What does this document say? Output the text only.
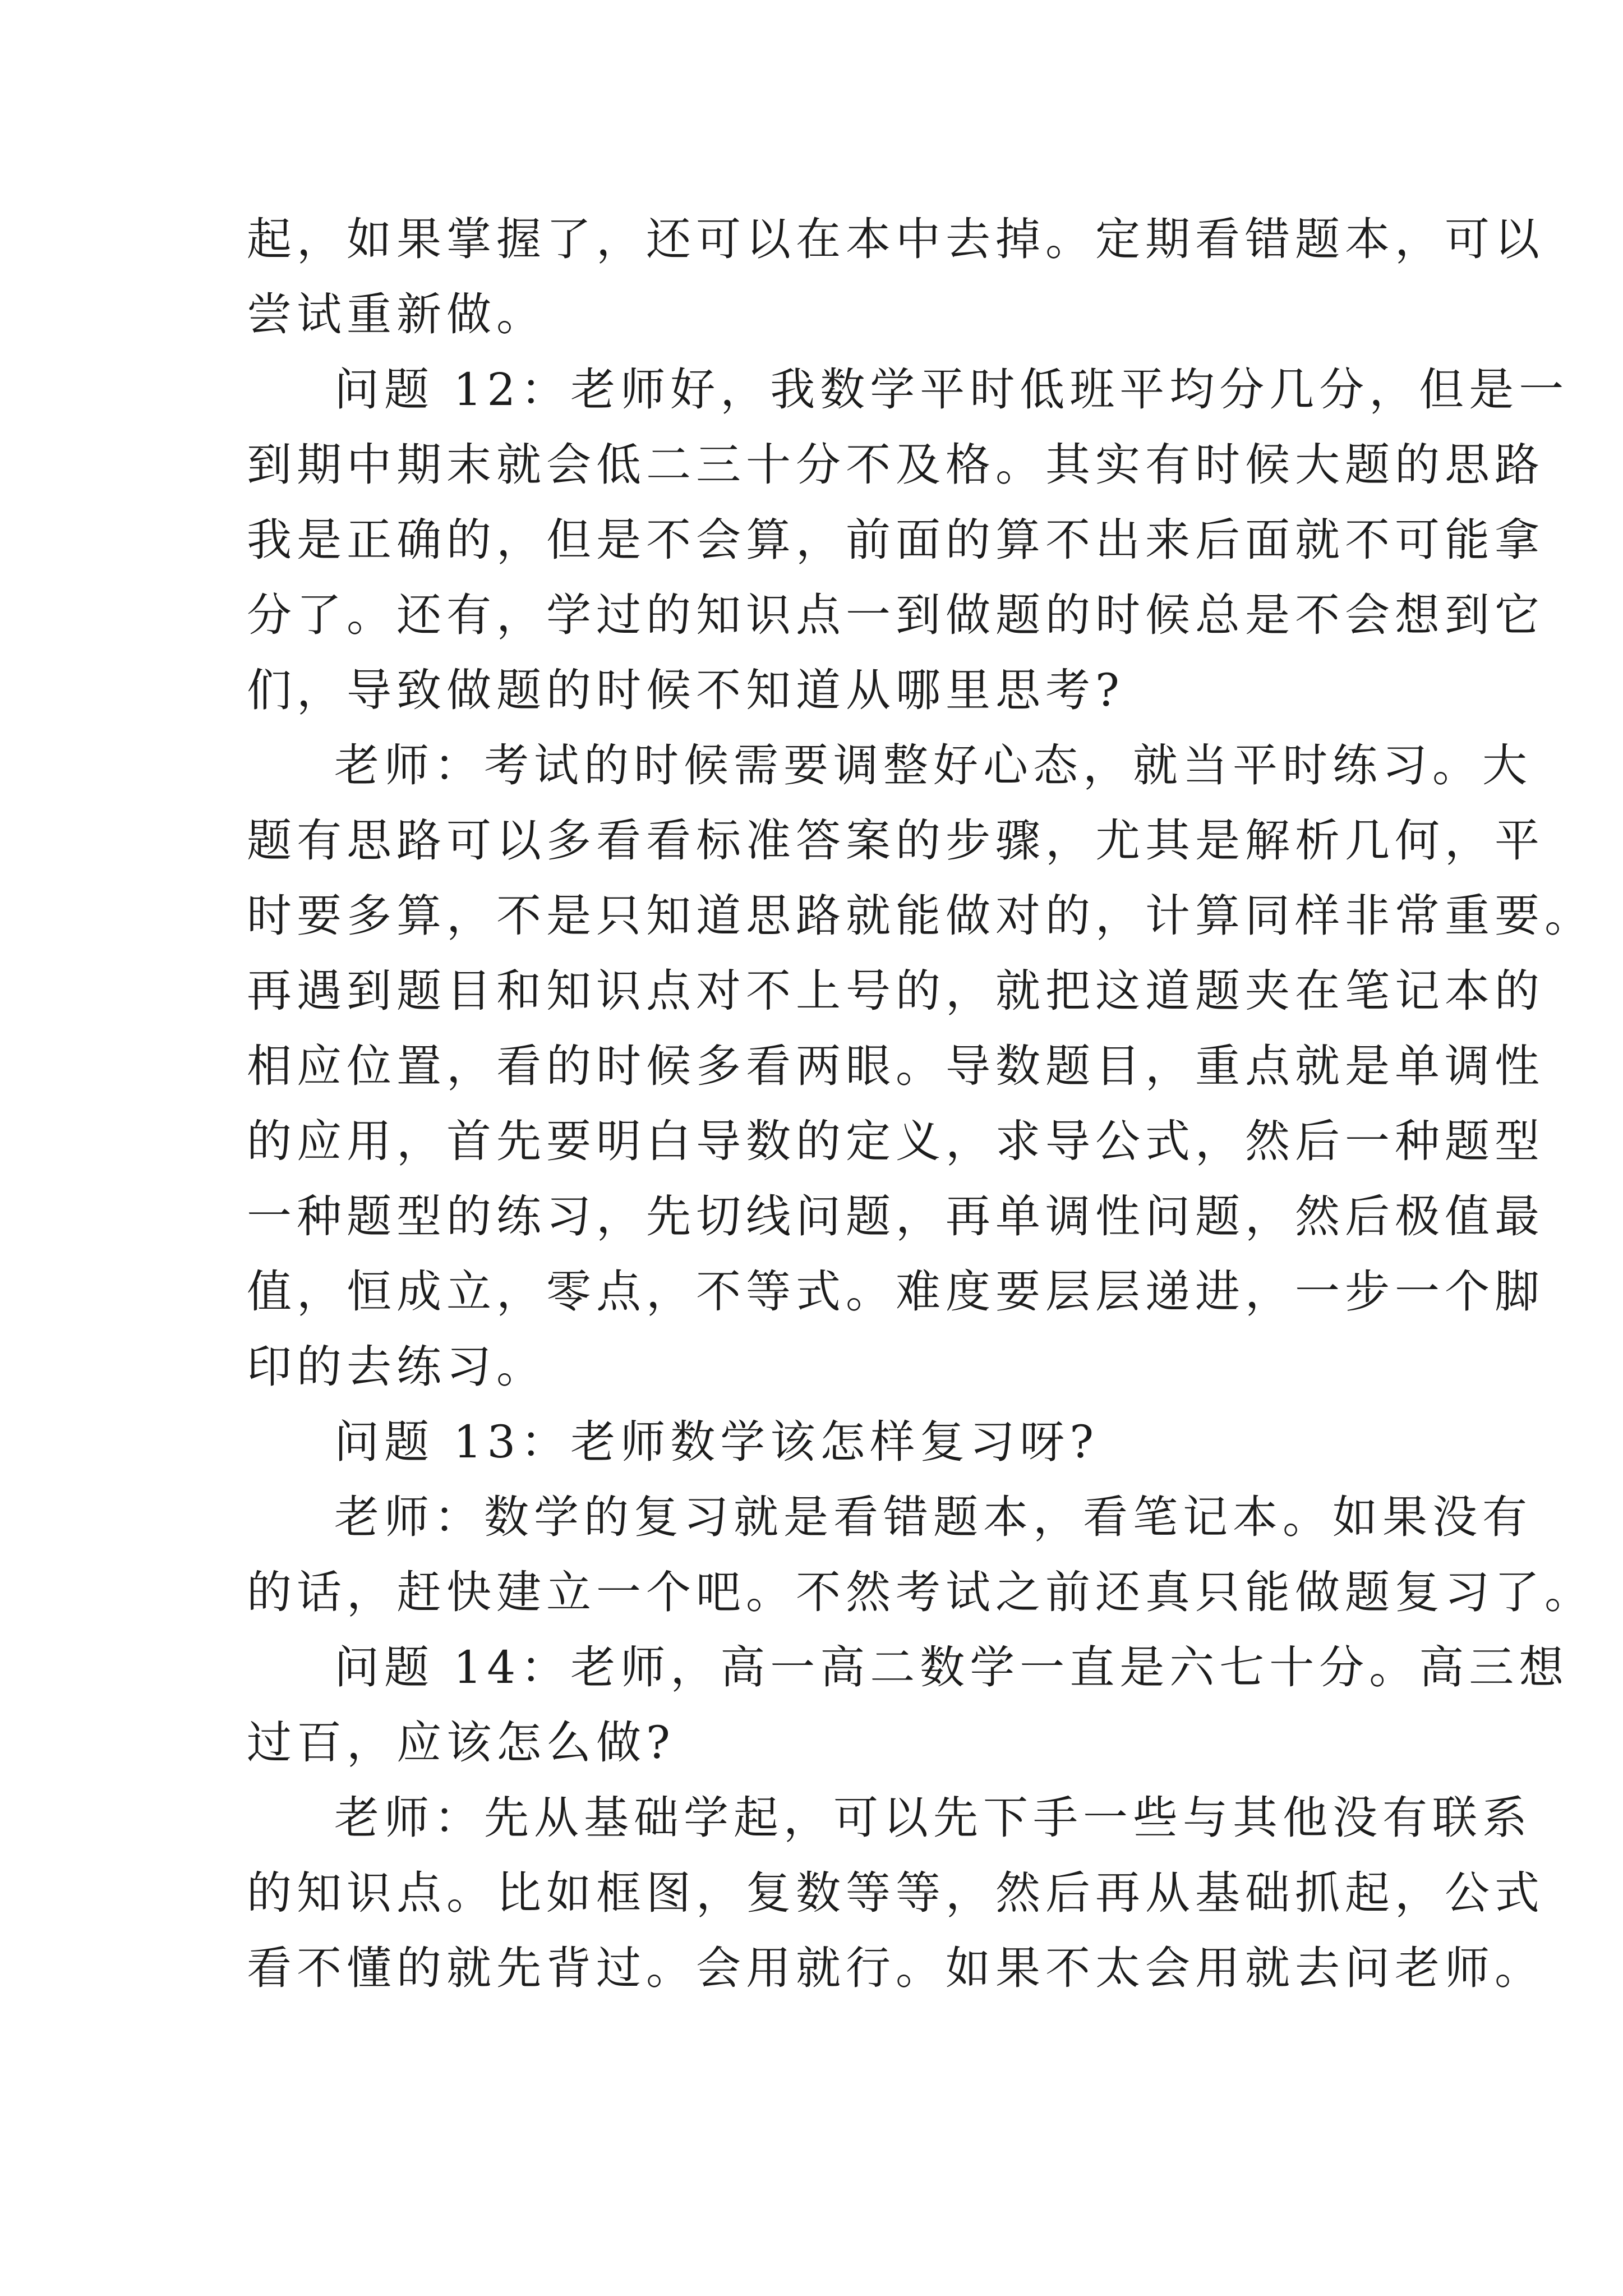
起，如果掌握了，还可以在本中去掉。定期看错题本，可以
尝试重新做。
问题 12：老师好，我数学平时低班平均分几分，但是一
到期中期末就会低二三十分不及格。其实有时候大题的思路
我是正确的，但是不会算，前面的算不出来后面就不可能拿
分了。还有，学过的知识点一到做题的时候总是不会想到它
们，导致做题的时候不知道从哪里思考?
老师：考试的时候需要调整好心态，就当平时练习。大
题有思路可以多看看标准答案的步骤，尤其是解析几何，平
时要多算，不是只知道思路就能做对的，计算同样非常重要。
再遇到题目和知识点对不上号的，就把这道题夹在笔记本的
相应位置，看的时候多看两眼。导数题目，重点就是单调性
的应用，首先要明白导数的定义，求导公式，然后一种题型
一种题型的练习，先切线问题，再单调性问题，然后极值最
值，恒成立，零点，不等式。难度要层层递进，一步一个脚
印的去练习。
问题 13：老师数学该怎样复习呀?
老师：数学的复习就是看错题本，看笔记本。如果没有
的话，赶快建立一个吧。不然考试之前还真只能做题复习了。
问题 14：老师，高一高二数学一直是六七十分。高三想
过百，应该怎么做?
老师：先从基础学起，可以先下手一些与其他没有联系
的知识点。比如框图，复数等等，然后再从基础抓起，公式
看不懂的就先背过。会用就行。如果不太会用就去问老师。
